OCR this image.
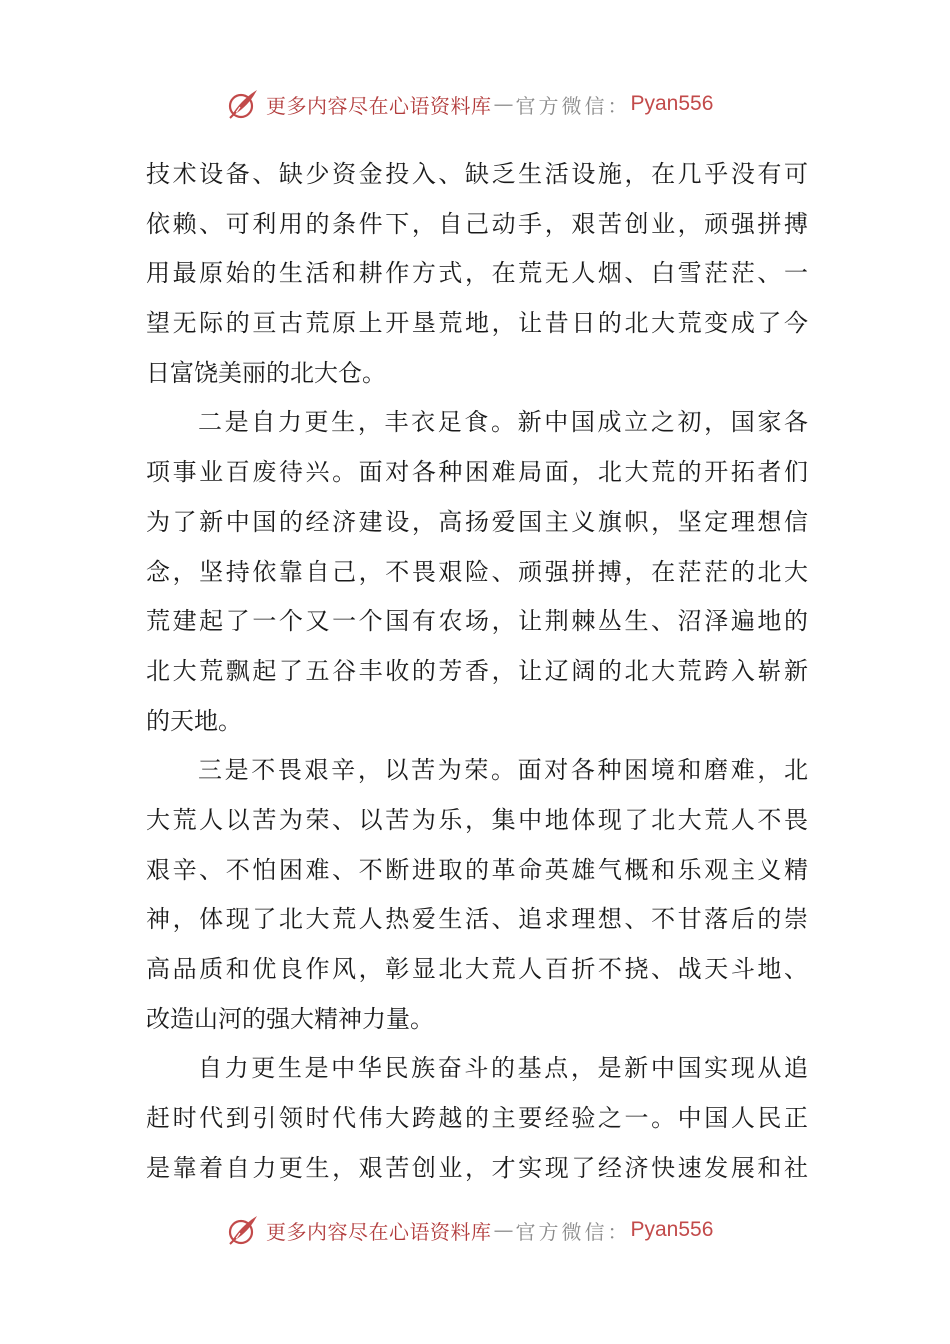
更多内容尽在心语资料库 — 官方微信： Pyan556
技术设备、缺少资金投入、缺乏生活设施，在几乎没有可
依赖、可利用的条件下，自己动手，艰苦创业，顽强拼搏
用最原始的生活和耕作方式，在荒无人烟、白雪茫茫、一
望无际的亘古荒原上开垦荒地，让昔日的北大荒变成了今
日富饶美丽的北大仓。
二是自力更生，丰衣足食。新中国成立之初，国家各
项事业百废待兴。面对各种困难局面，北大荒的开拓者们
为了新中国的经济建设，高扬爱国主义旗帜，坚定理想信
念，坚持依靠自己，不畏艰险、顽强拼搏，在茫茫的北大
荒建起了一个又一个国有农场，让荆棘丛生、沼泽遍地的
北大荒飘起了五谷丰收的芳香，让辽阔的北大荒跨入崭新
的天地。
三是不畏艰辛，以苦为荣。面对各种困境和磨难，北
大荒人以苦为荣、以苦为乐，集中地体现了北大荒人不畏
艰辛、不怕困难、不断进取的革命英雄气概和乐观主义精
神，体现了北大荒人热爱生活、追求理想、不甘落后的崇
高品质和优良作风，彰显北大荒人百折不挠、战天斗地、
改造山河的强大精神力量。
自力更生是中华民族奋斗的基点，是新中国实现从追
赶时代到引领时代伟大跨越的主要经验之一。中国人民正
是靠着自力更生，艰苦创业，才实现了经济快速发展和社
更多内容尽在心语资料库 — 官方微信： Pyan556
